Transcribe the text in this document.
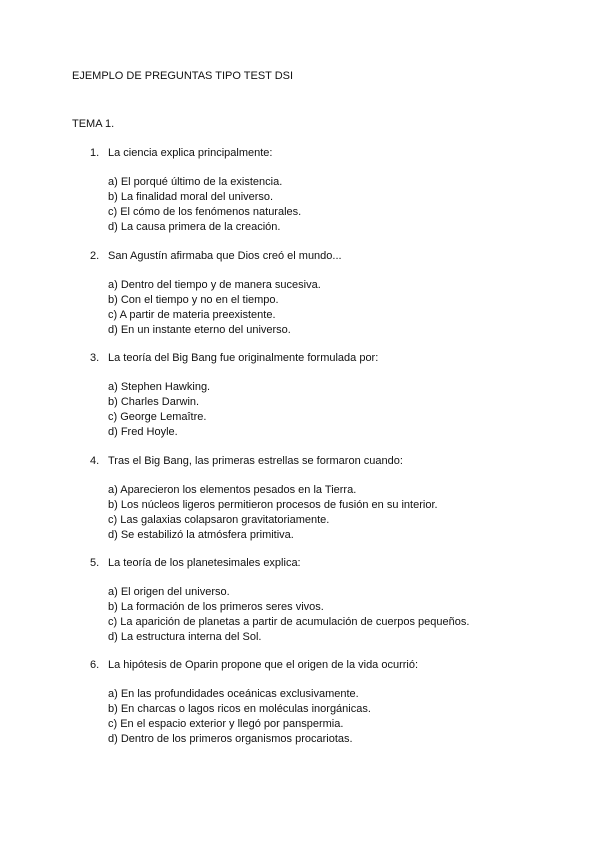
EJEMPLO DE PREGUNTAS TIPO TEST DSI
TEMA 1.
1. La ciencia explica principalmente:
a) El porqué último de la existencia.
b) La finalidad moral del universo.
c) El cómo de los fenómenos naturales.
d) La causa primera de la creación.
2. San Agustín afirmaba que Dios creó el mundo...
a) Dentro del tiempo y de manera sucesiva.
b) Con el tiempo y no en el tiempo.
c) A partir de materia preexistente.
d) En un instante eterno del universo.
3. La teoría del Big Bang fue originalmente formulada por:
a) Stephen Hawking.
b) Charles Darwin.
c) George Lemaître.
d) Fred Hoyle.
4. Tras el Big Bang, las primeras estrellas se formaron cuando:
a) Aparecieron los elementos pesados en la Tierra.
b) Los núcleos ligeros permitieron procesos de fusión en su interior.
c) Las galaxias colapsaron gravitatoriamente.
d) Se estabilizó la atmósfera primitiva.
5. La teoría de los planetesimales explica:
a) El origen del universo.
b) La formación de los primeros seres vivos.
c) La aparición de planetas a partir de acumulación de cuerpos pequeños.
d) La estructura interna del Sol.
6. La hipótesis de Oparin propone que el origen de la vida ocurrió:
a) En las profundidades oceánicas exclusivamente.
b) En charcas o lagos ricos en moléculas inorgánicas.
c) En el espacio exterior y llegó por panspermia.
d) Dentro de los primeros organismos procariotas.
